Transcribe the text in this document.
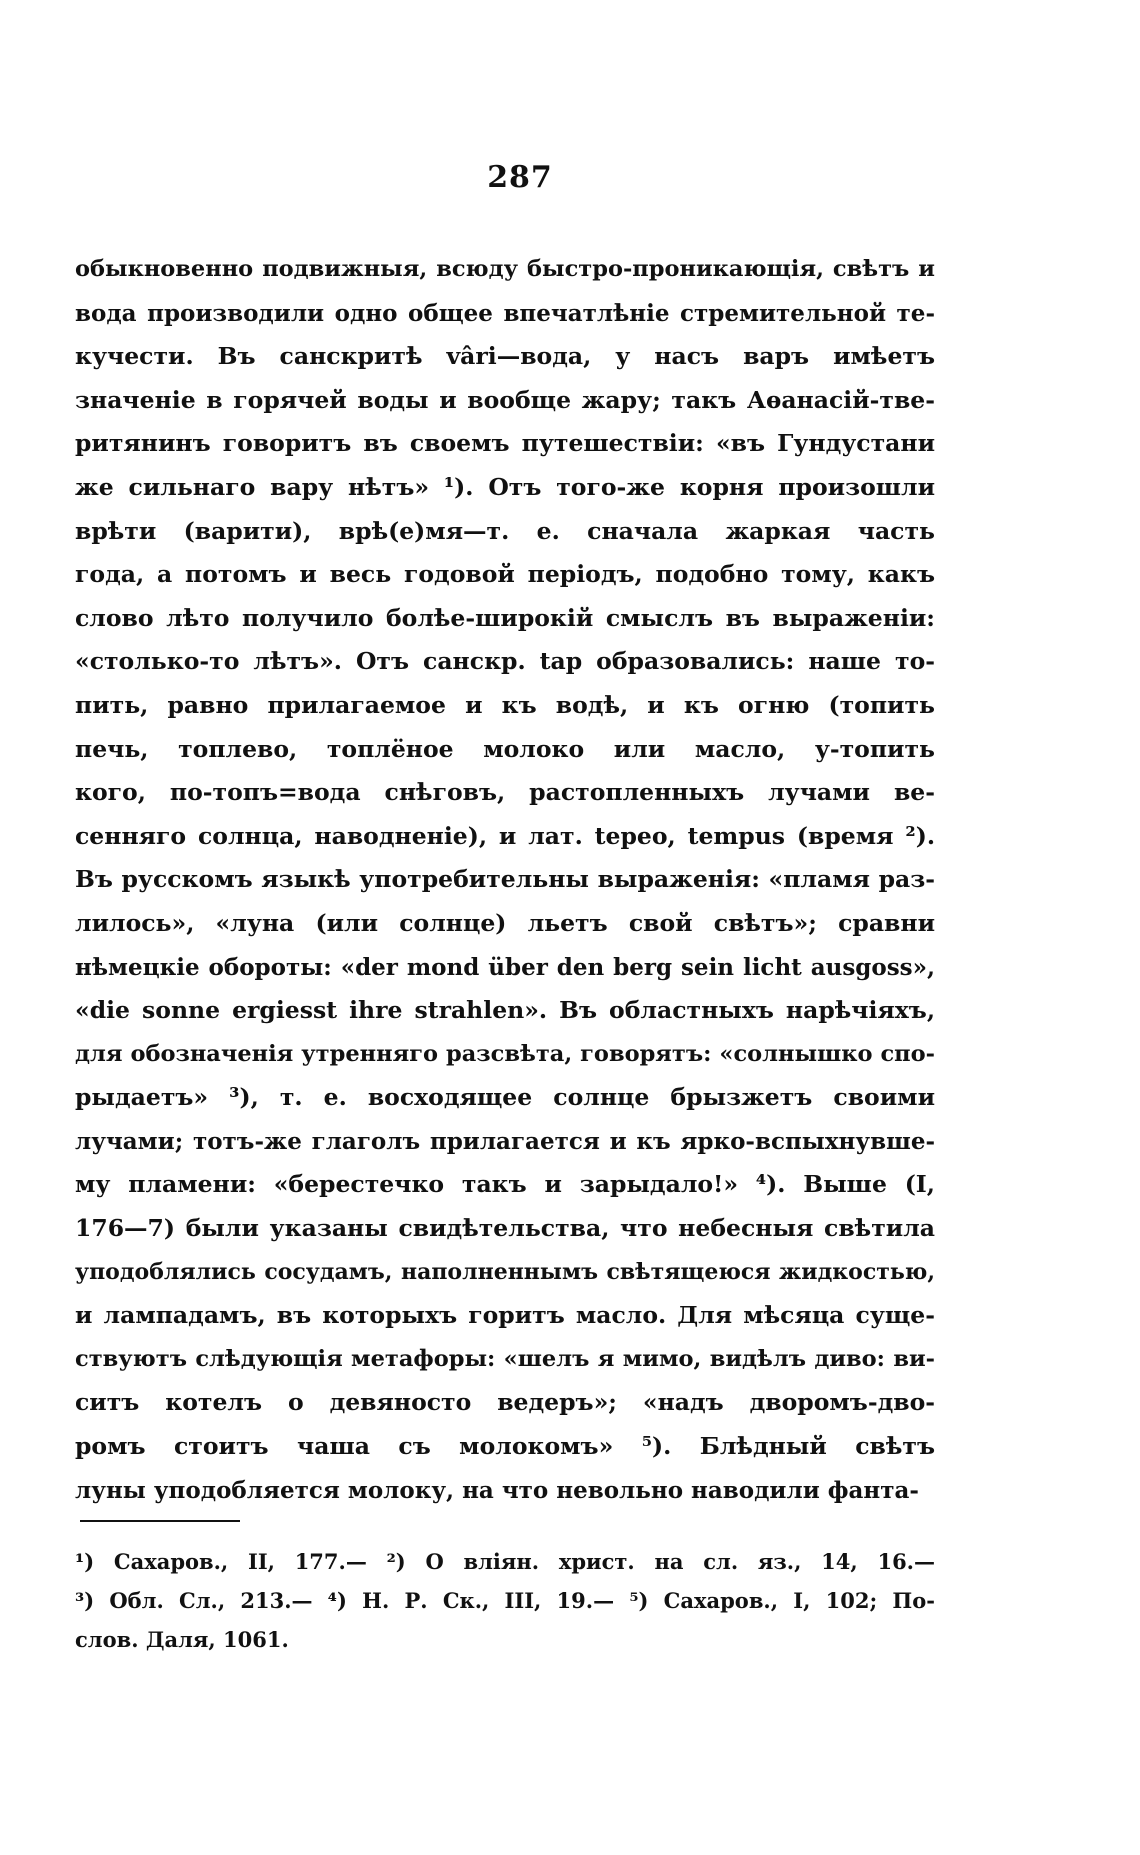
287
обыкновенно подвижныя, всюду быстро-проникающія, свѣтъ и
вода производили одно общее впечатлѣніе стремительной те-
кучести. Въ санскритѣ vâri—вода, у насъ варъ имѣетъ
значеніе в горячей воды и вообще жару; такъ Аѳанасій-тве-
ритянинъ говоритъ въ своемъ путешествіи: «въ Гундустани
же сильнаго вару нѣтъ» ¹). Отъ того-же корня произошли
врѣти (варити), врѣ(е)мя—т. е. сначала жаркая часть
года, а потомъ и весь годовой періодъ, подобно тому, какъ
слово лѣто получило болѣе-широкій смыслъ въ выраженіи:
«столько-то лѣтъ». Отъ санскр. tap образовались: наше то-
пить, равно прилагаемое и къ водѣ, и къ огню (топить
печь, топлево, топлёное молоко или масло, у-топить
кого, по-топъ=вода снѣговъ, растопленныхъ лучами ве-
сенняго солнца, наводненіе), и лат. tepeo, tempus (время ²).
Въ русскомъ языкѣ употребительны выраженія: «пламя раз-
лилось», «луна (или солнце) льетъ свой свѣтъ»; сравни
нѣмецкіе обороты: «der mond über den berg sein licht ausgoss»,
«die sonne ergiesst ihre strahlen». Въ областныхъ нарѣчіяхъ,
для обозначенія утренняго разсвѣта, говорятъ: «солнышко спо-
рыдаетъ» ³), т. е. восходящее солнце брызжетъ своими
лучами; тотъ-же глаголъ прилагается и къ ярко-вспыхнувше-
му пламени: «берестечко такъ и зарыдало!» ⁴). Выше (I,
176—7) были указаны свидѣтельства, что небесныя свѣтила
уподоблялись сосудамъ, наполненнымъ свѣтящеюся жидкостью,
и лампадамъ, въ которыхъ горитъ масло. Для мѣсяца суще-
ствуютъ слѣдующія метафоры: «шелъ я мимо, видѣлъ диво: ви-
ситъ котелъ о девяносто ведеръ»; «надъ дворомъ-дво-
ромъ стоитъ чаша съ молокомъ» ⁵). Блѣдный свѣтъ
луны уподобляется молоку, на что невольно наводили фанта-
¹) Сахаров., II, 177.— ²) О вліян. христ. на сл. яз., 14, 16.—
³) Обл. Сл., 213.— ⁴) Н. Р. Ск., III, 19.— ⁵) Сахаров., I, 102; По-
слов. Даля, 1061.
